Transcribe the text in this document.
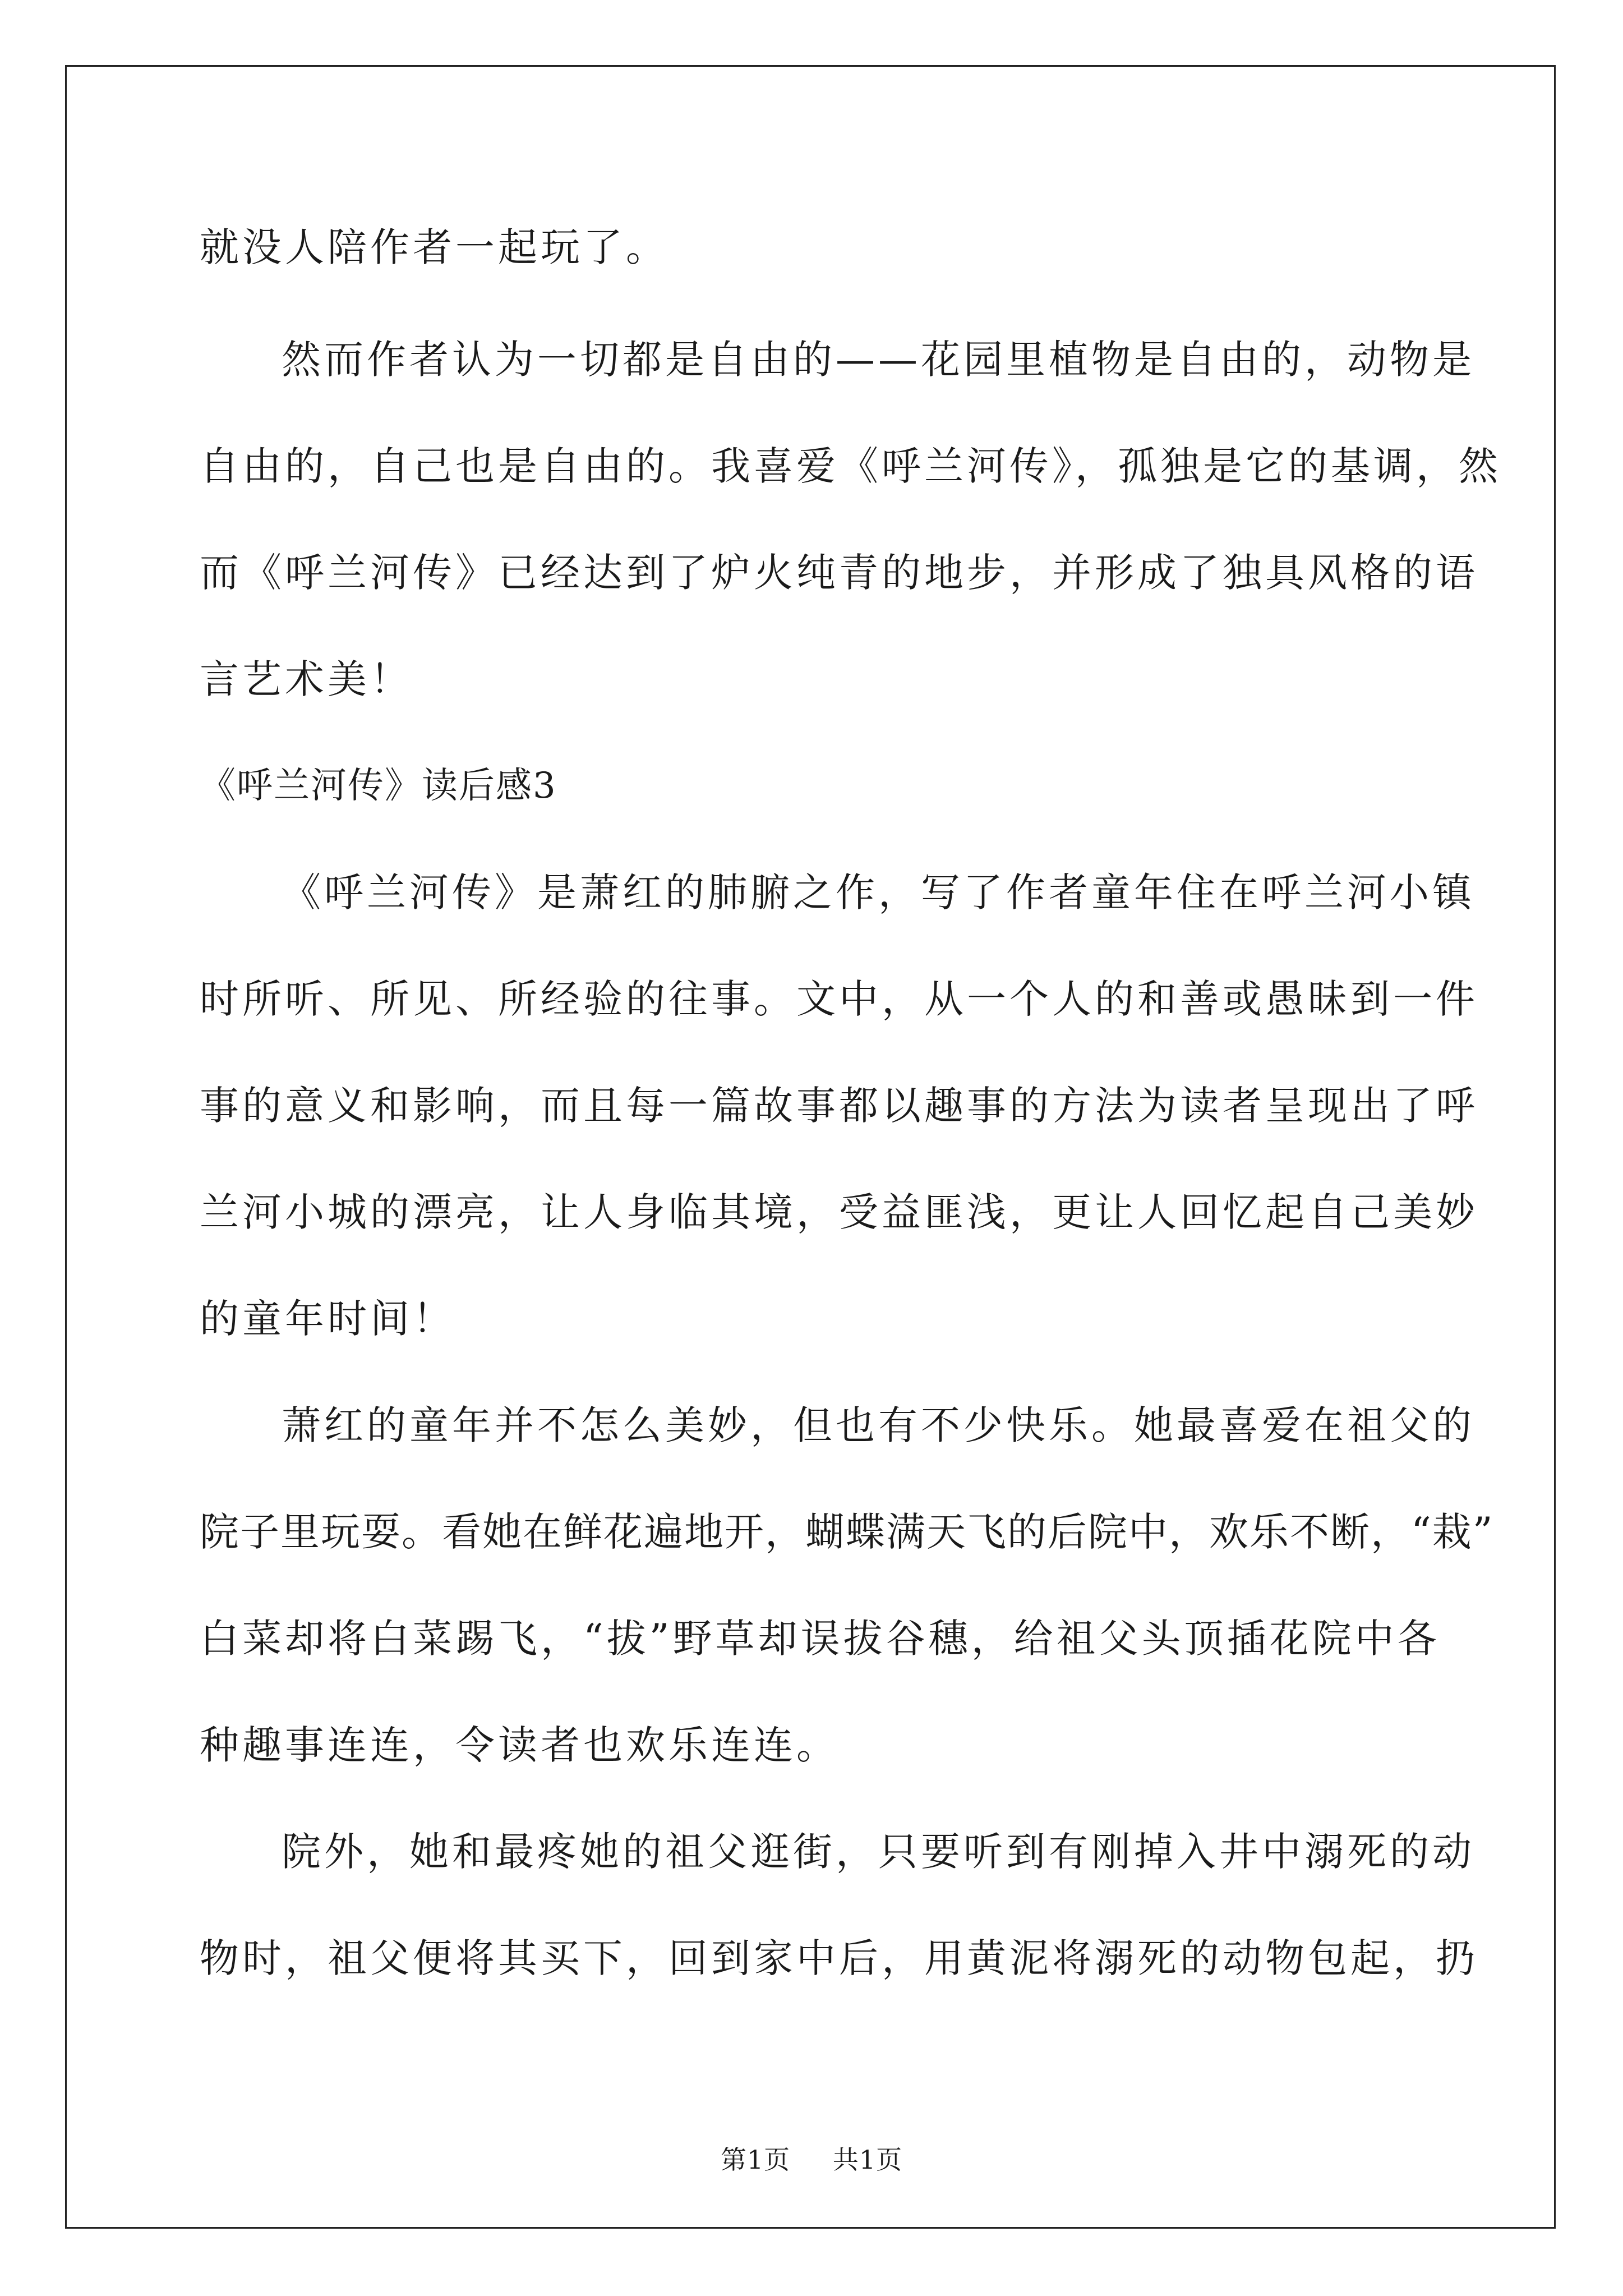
就没人陪作者一起玩了。
然而作者认为一切都是自由的——花园里植物是自由的，动物是
自由的，自己也是自由的。我喜爱《呼兰河传》，孤独是它的基调，然
而《呼兰河传》已经达到了炉火纯青的地步，并形成了独具风格的语
言艺术美！
《呼兰河传》读后感3
《呼兰河传》是萧红的肺腑之作，写了作者童年住在呼兰河小镇
时所听、所见、所经验的往事。文中，从一个人的和善或愚昧到一件
事的意义和影响，而且每一篇故事都以趣事的方法为读者呈现出了呼
兰河小城的漂亮，让人身临其境，受益匪浅，更让人回忆起自己美妙
的童年时间！
萧红的童年并不怎么美妙，但也有不少快乐。她最喜爱在祖父的
院子里玩耍。看她在鲜花遍地开，蝴蝶满天飞的后院中，欢乐不断，“栽”
白菜却将白菜踢飞，“拔”野草却误拔谷穗，给祖父头顶插花院中各
种趣事连连，令读者也欢乐连连。
院外，她和最疼她的祖父逛街，只要听到有刚掉入井中溺死的动
物时，祖父便将其买下，回到家中后，用黄泥将溺死的动物包起，扔
第1页 共1页
